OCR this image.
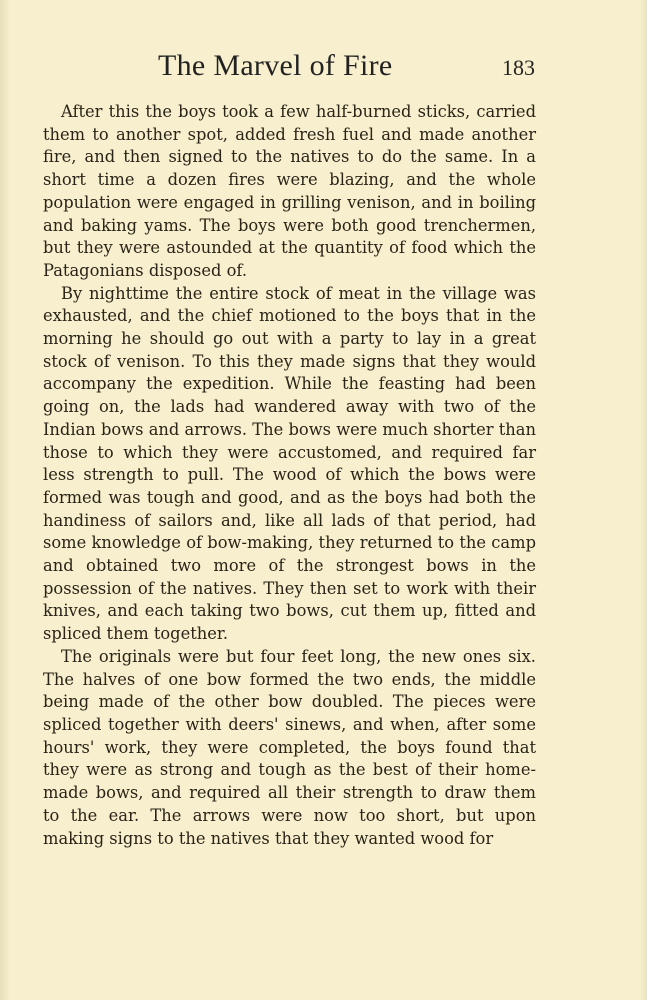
The Marvel of Fire	183

After this the boys took a few half-burned sticks, carried them to another spot, added fresh fuel and made another fire, and then signed to the natives to do the same. In a short time a dozen fires were blazing, and the whole population were engaged in grilling venison, and in boiling and baking yams. The boys were both good trenchermen, but they were astounded at the quantity of food which the Patagonians disposed of.

By nighttime the entire stock of meat in the village was exhausted, and the chief motioned to the boys that in the morning he should go out with a party to lay in a great stock of venison. To this they made signs that they would accompany the expedition. While the feasting had been going on, the lads had wandered away with two of the Indian bows and arrows. The bows were much shorter than those to which they were accustomed, and required far less strength to pull. The wood of which the bows were formed was tough and good, and as the boys had both the handiness of sailors and, like all lads of that period, had some knowledge of bow-making, they returned to the camp and obtained two more of the strongest bows in the possession of the natives. They then set to work with their knives, and each taking two bows, cut them up, fitted and spliced them together.

The originals were but four feet long, the new ones six. The halves of one bow formed the two ends, the middle being made of the other bow doubled. The pieces were spliced together with deers' sinews, and when, after some hours' work, they were completed, the boys found that they were as strong and tough as the best of their home-made bows, and required all their strength to draw them to the ear. The arrows were now too short, but upon making signs to the natives that they wanted wood for
